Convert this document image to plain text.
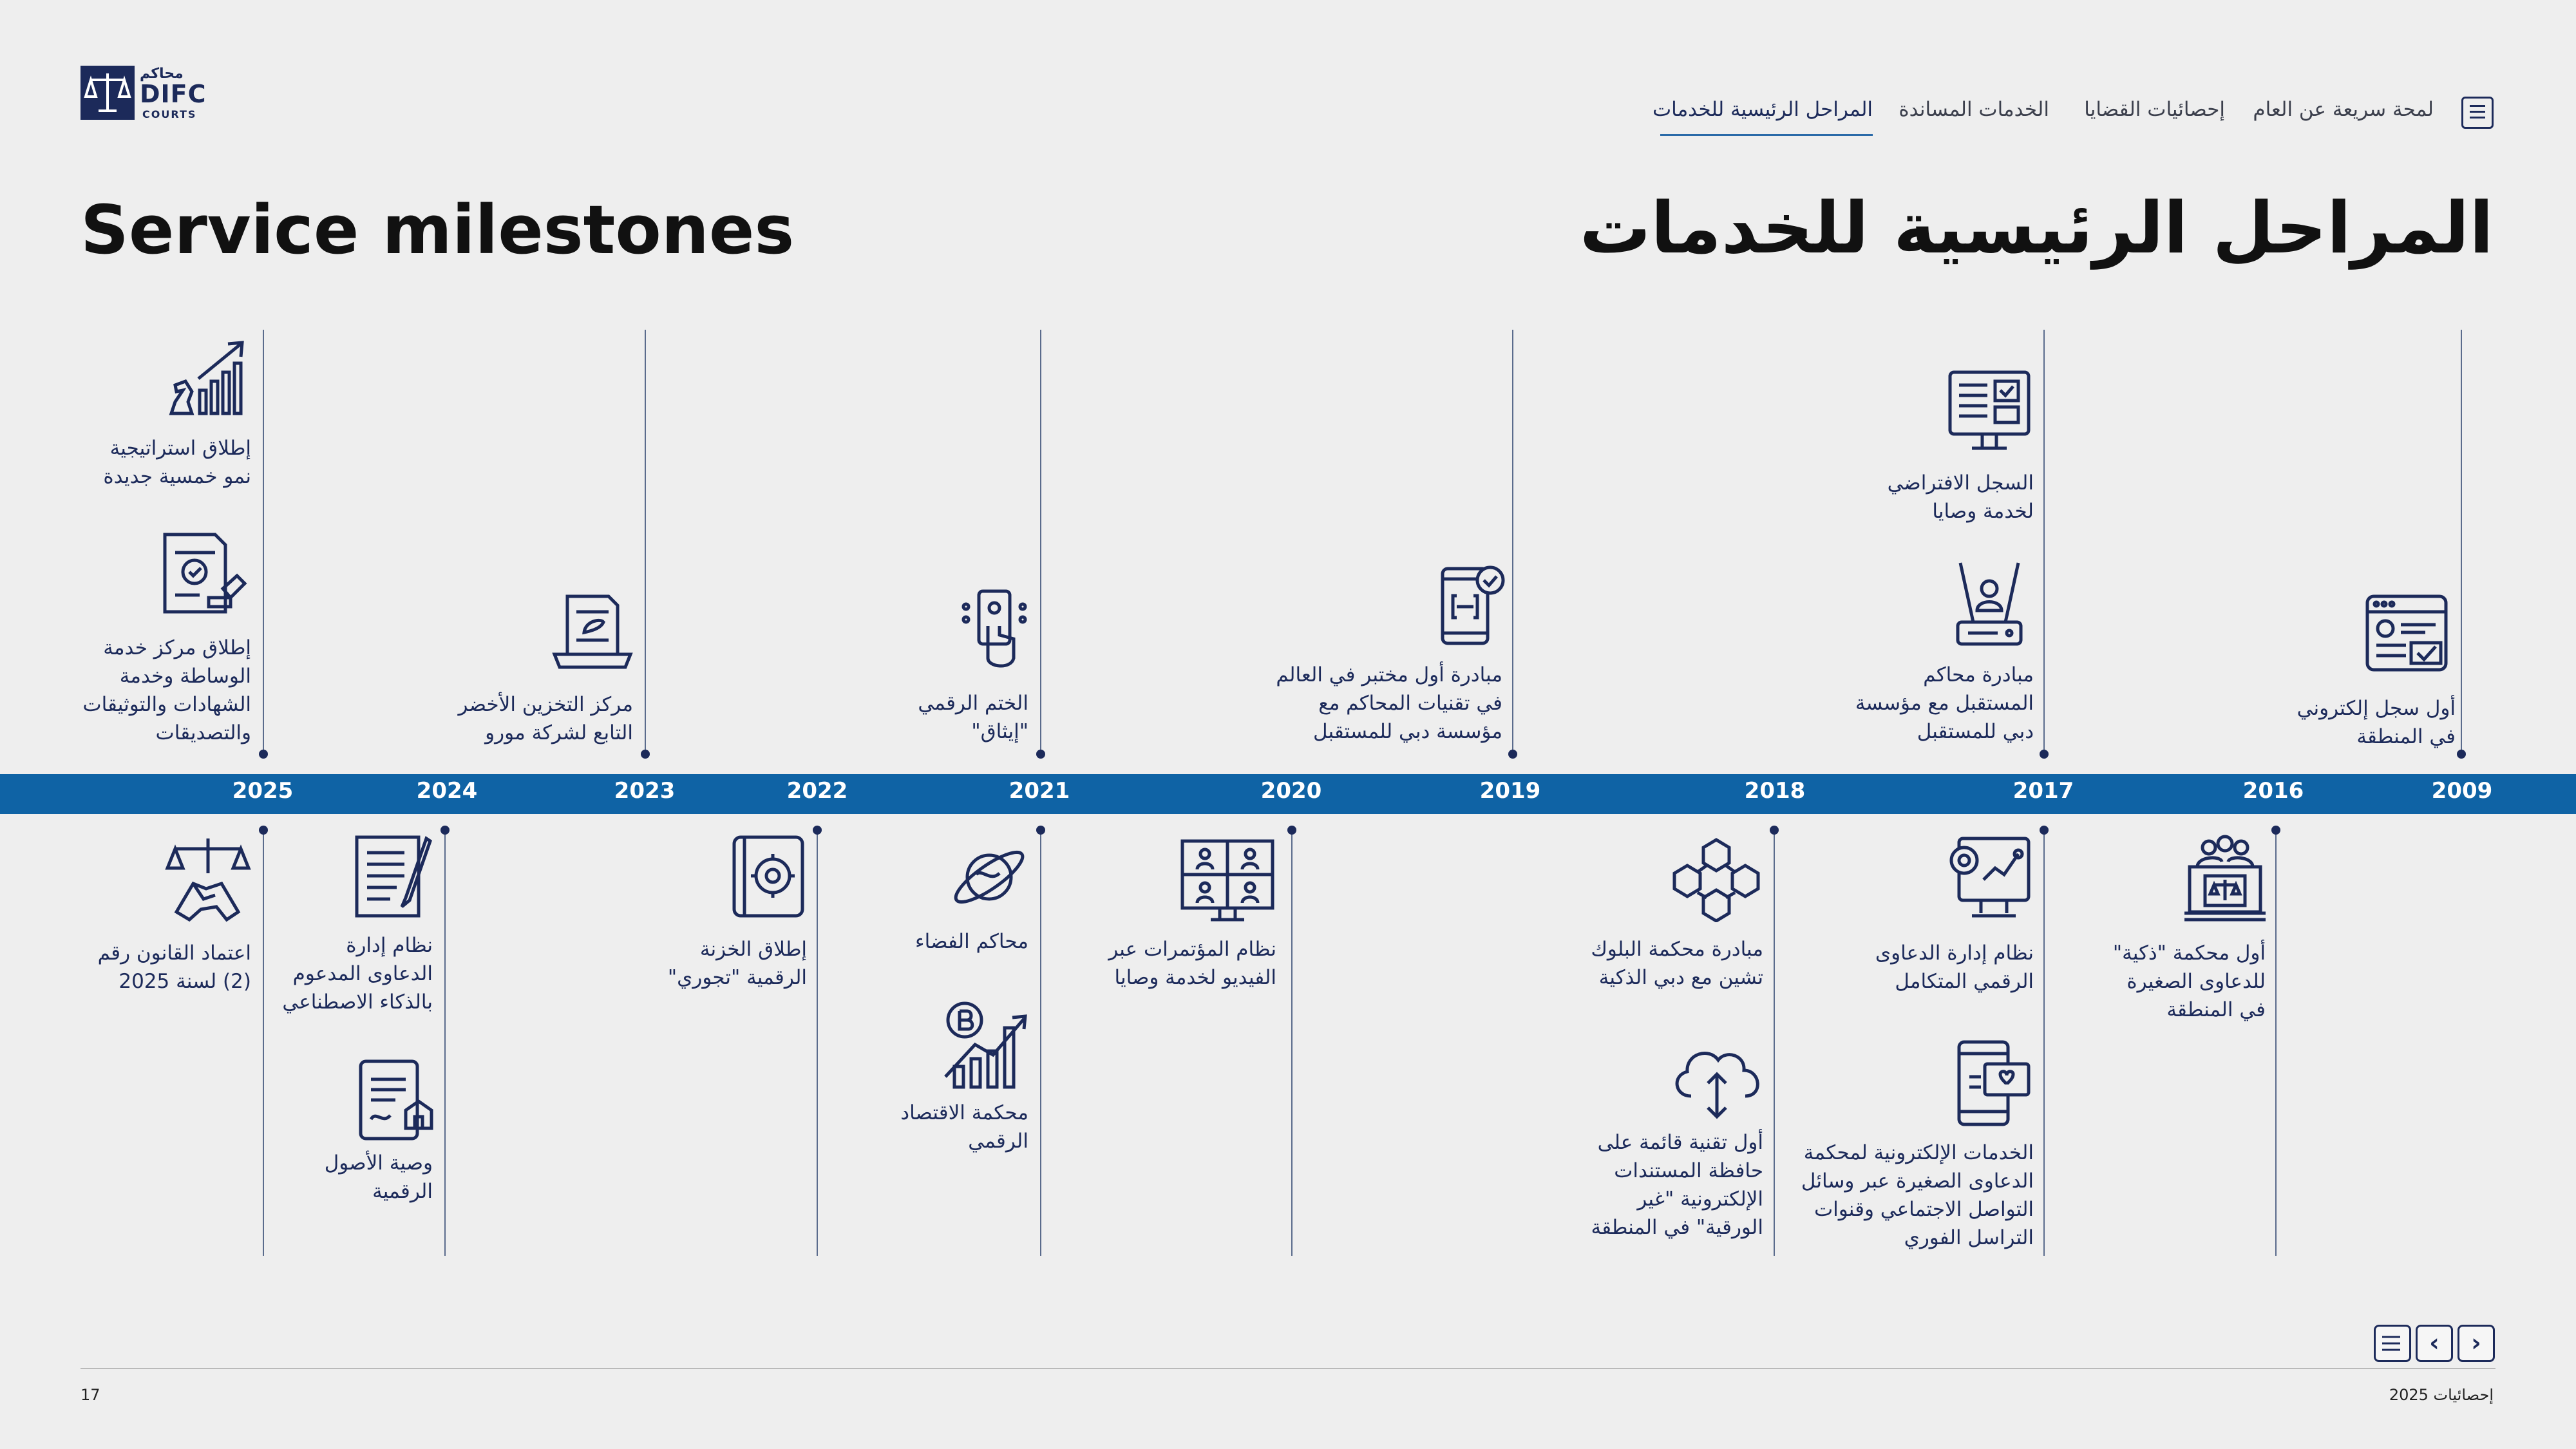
محاكم
DIFC
COURTS	لمحة سريعة عن العام
إحصائيات القضايا
الخدمات المساندة
المراحل الرئيسية للخدمات
Service milestones	المراحل الرئيسية للخدمات
2025	2024	2023	2022	2021	2020	2019	2018	2017	2016	2009
إطلاق استراتيجية
نمو خمسية جديدة
إطلاق مركز خدمة
الوساطة وخدمة
الشهادات والتوثيقات
والتصديقات
مركز التخزين الأخضر
التابع لشركة مورو
الختم الرقمي
"إيثاق"
مبادرة أول مختبر في العالم
في تقنيات المحاكم مع
مؤسسة دبي للمستقبل
السجل الافتراضي
لخدمة وصايا
مبادرة محاكم
المستقبل مع مؤسسة
دبي للمستقبل
أول سجل إلكتروني
في المنطقة
اعتماد القانون رقم
(2) لسنة 2025
نظام إدارة
الدعاوى المدعوم
بالذكاء الاصطناعي
وصية الأصول
الرقمية
إطلاق الخزنة
الرقمية "تجوري"
محاكم الفضاء
محكمة الاقتصاد
الرقمي
نظام المؤتمرات عبر
الفيديو لخدمة وصايا
مبادرة محكمة البلوك
تشين مع دبي الذكية
أول تقنية قائمة على
حافظة المستندات
الإلكترونية "غير
الورقية" في المنطقة
نظام إدارة الدعاوى
الرقمي المتكامل
الخدمات الإلكترونية لمحكمة
الدعاوى الصغيرة عبر وسائل
التواصل الاجتماعي وقنوات
التراسل الفوري
أول محكمة "ذكية"
للدعاوى الصغيرة
في المنطقة
‹	›
17	إحصائيات 2025
